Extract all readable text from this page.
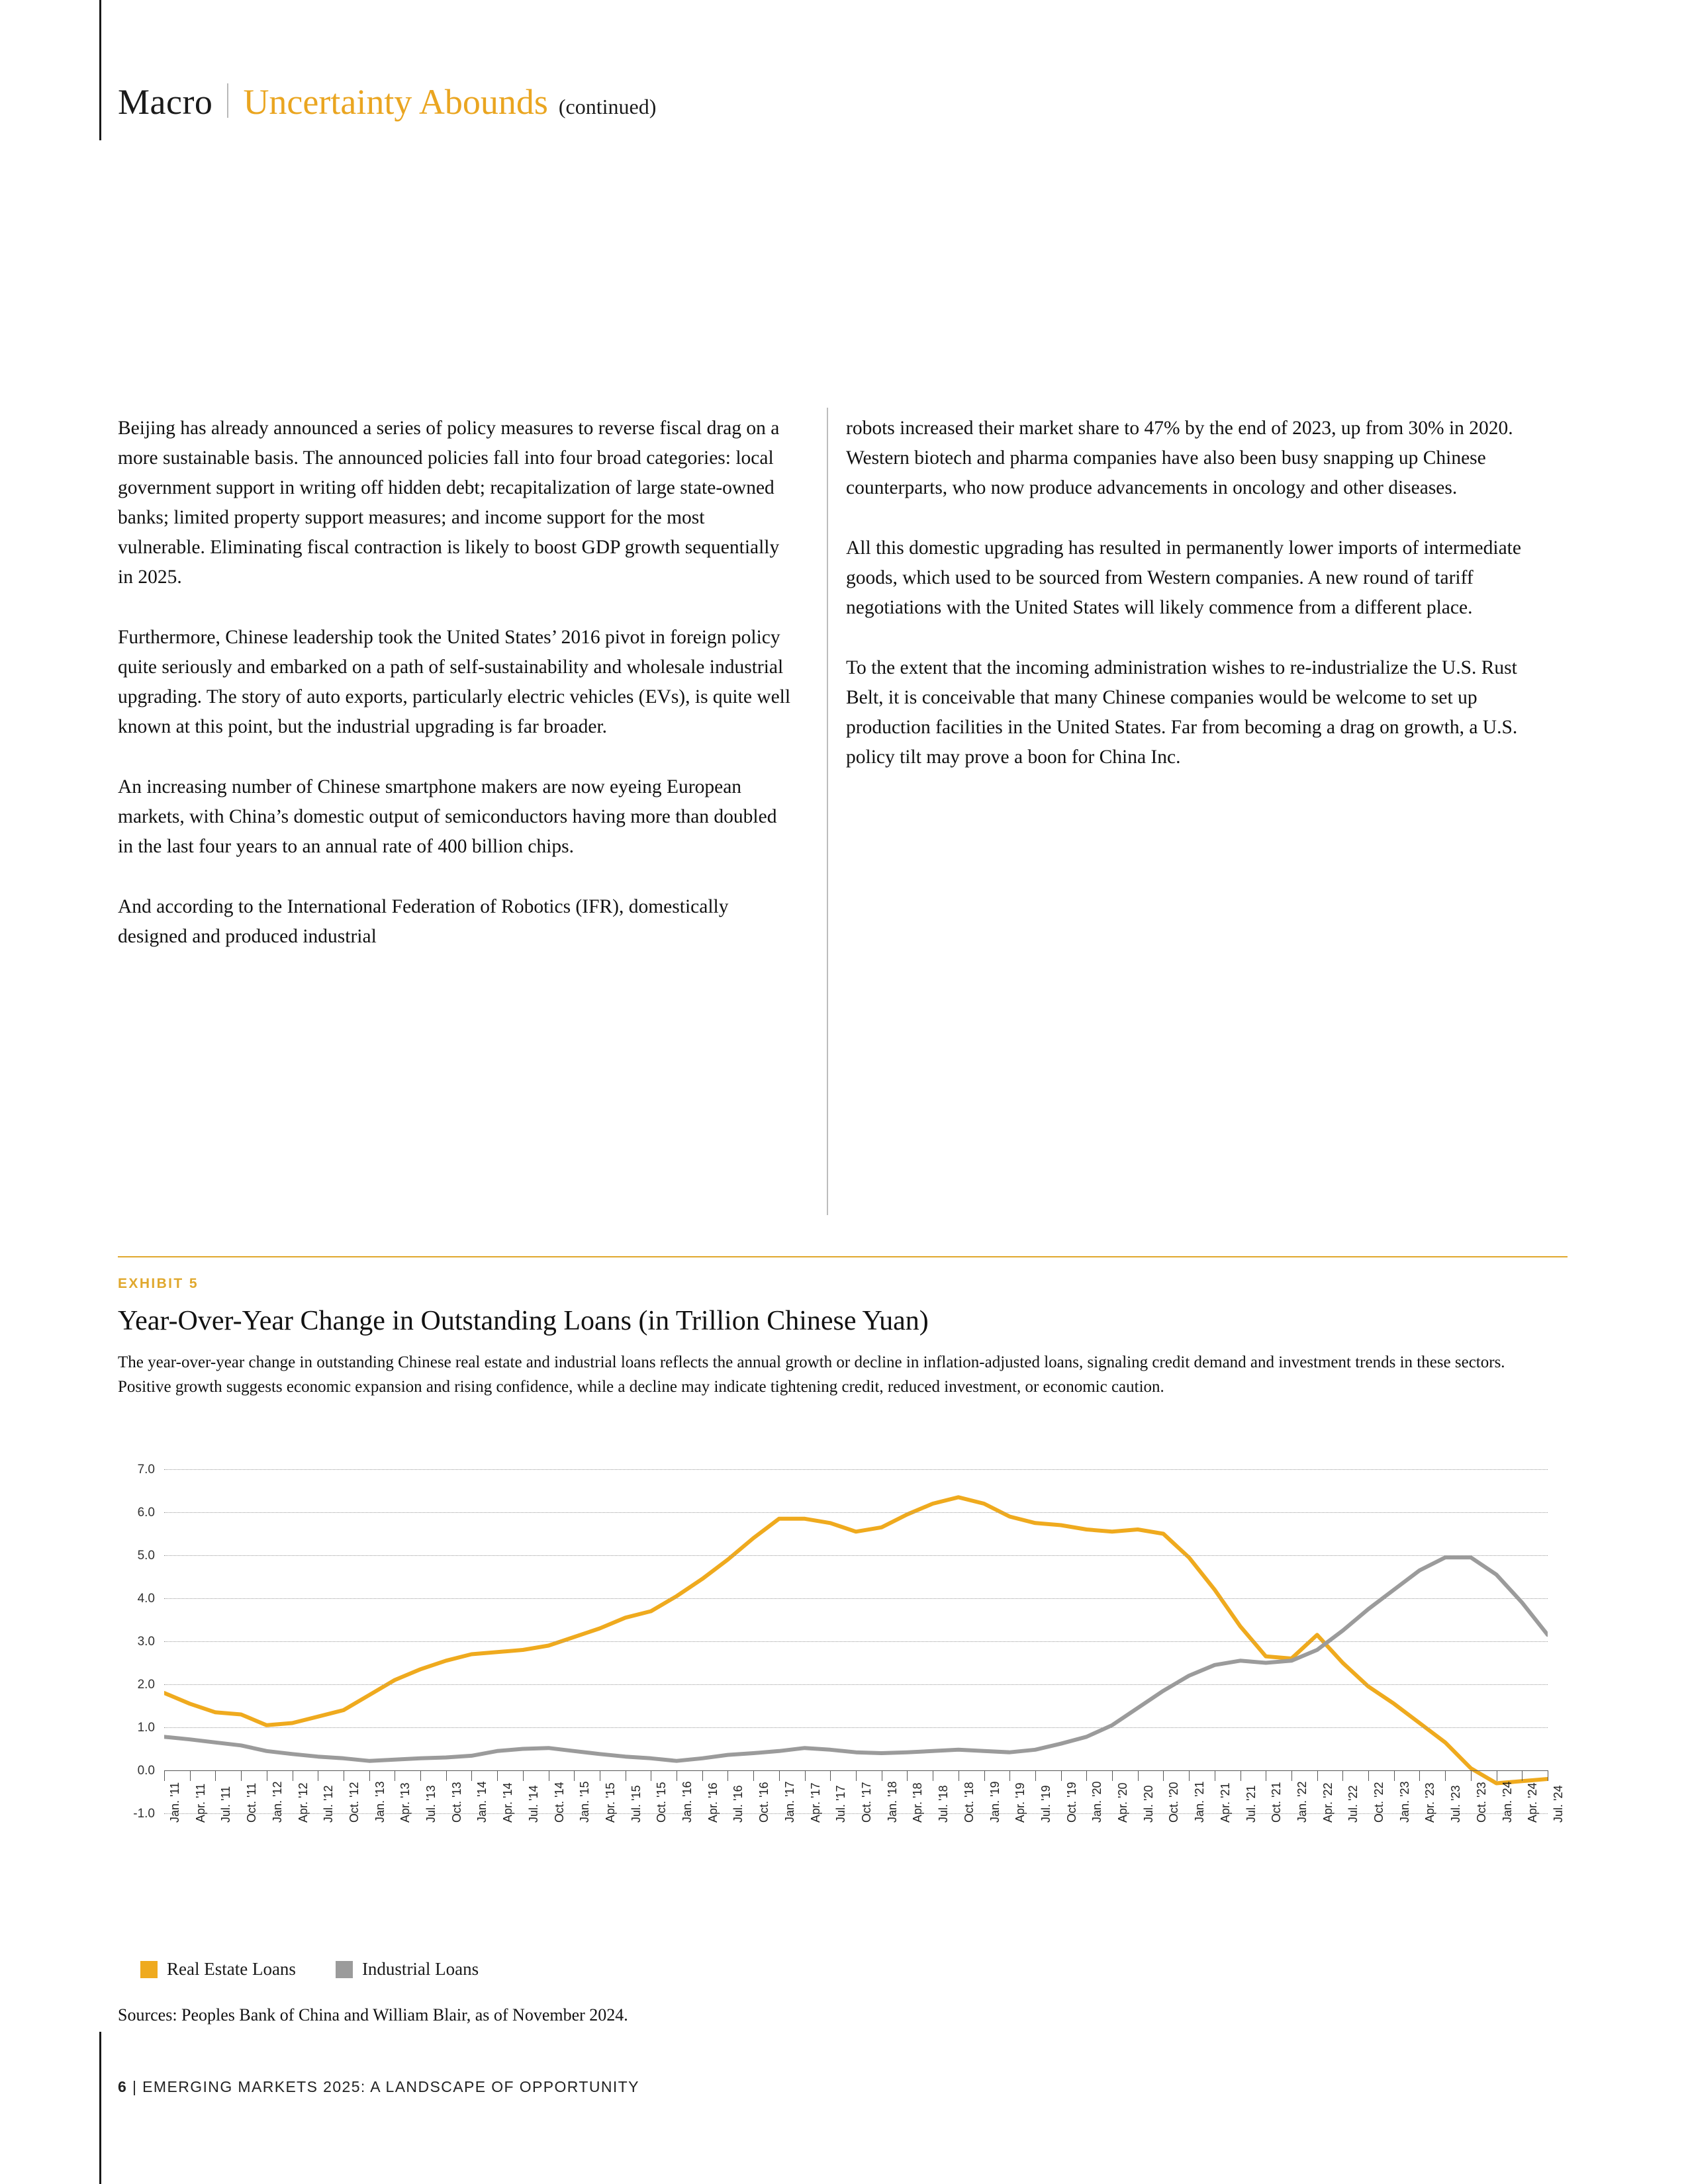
Macro Uncertainty Abounds (continued)

Beijing has already announced a series of policy measures to reverse fiscal drag on a more sustainable basis. The announced policies fall into four broad categories: local government support in writing off hidden debt; recapitalization of large state-owned banks; limited property support measures; and income support for the most vulnerable. Eliminating fiscal contraction is likely to boost GDP growth sequentially in 2025.

Furthermore, Chinese leadership took the United States’ 2016 pivot in foreign policy quite seriously and embarked on a path of self-sustainability and wholesale industrial upgrading. The story of auto exports, particularly electric vehicles (EVs), is quite well known at this point, but the industrial upgrading is far broader.

An increasing number of Chinese smartphone makers are now eyeing European markets, with China’s domestic output of semiconductors having more than doubled in the last four years to an annual rate of 400 billion chips.

And according to the International Federation of Robotics (IFR), domestically designed and produced industrial

robots increased their market share to 47% by the end of 2023, up from 30% in 2020. Western biotech and pharma companies have also been busy snapping up Chinese counterparts, who now produce advancements in oncology and other diseases.

All this domestic upgrading has resulted in permanently lower imports of intermediate goods, which used to be sourced from Western companies. A new round of tariff negotiations with the United States will likely commence from a different place.

To the extent that the incoming administration wishes to re-industrialize the U.S. Rust Belt, it is conceivable that many Chinese companies would be welcome to set up production facilities in the United States. Far from becoming a drag on growth, a U.S. policy tilt may prove a boon for China Inc.

EXHIBIT 5
Year-Over-Year Change in Outstanding Loans (in Trillion Chinese Yuan)
The year-over-year change in outstanding Chinese real estate and industrial loans reflects the annual growth or decline in inflation-adjusted loans, signaling credit demand and investment trends in these sectors. Positive growth suggests economic expansion and rising confidence, while a decline may indicate tightening credit, reduced investment, or economic caution.
Jan. '11 Apr. '11 Jul. '11 Oct. '11 Jan. '12 Apr. '12 Jul. '12 Oct. '12 Jan. '13 Apr. '13 Jul. '13 Oct. '13 Jan. '14 Apr. '14 Jul. '14 Oct. '14 Jan. '15 Apr. '15 Jul. '15 Oct. '15 Jan. '16 Apr. '16 Jul. '16 Oct. '16 Jan. '17 Apr. '17 Jul. '17 Oct. '17 Jan. '18 Apr. '18 Jul. '18 Oct. '18 Jan. '19 Apr. '19 Jul. '19 Oct. '19 Jan. '20 Apr. '20 Jul. '20 Oct. '20 Jan. '21 Apr. '21 Jul. '21 Oct. '21 Jan. '22 Apr. '22 Jul. '22 Oct. '22 Jan. '23 Apr. '23 Jul. '23 Oct. '23 Jan. '24 Apr. '24 Jul. '24
7.0
6.0
5.0
4.0
3.0
2.0
1.0
0.0
-1.0
Real Estate Loans	Industrial Loans
Sources: Peoples Bank of China and William Blair, as of November 2024.
6 | EMERGING MARKETS 2025: A LANDSCAPE OF OPPORTUNITY
